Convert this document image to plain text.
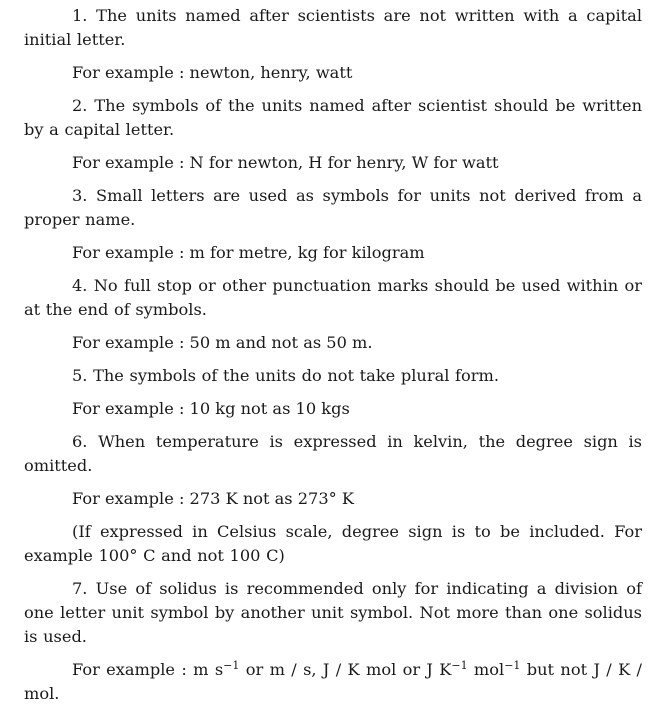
1. The units named after scientists are not written with a capital initial letter.

For example : newton, henry, watt

2. The symbols of the units named after scientist should be written by a capital letter.

For example : N for newton, H for henry, W for watt

3. Small letters are used as symbols for units not derived from a proper name.

For example : m for metre, kg for kilogram

4. No full stop or other punctuation marks should be used within or at the end of symbols.

For example : 50 m and not as 50 m.

5. The symbols of the units do not take plural form.

For example : 10 kg not as 10 kgs

6. When temperature is expressed in kelvin, the degree sign is omitted.

For example : 273 K not as 273° K

(If expressed in Celsius scale, degree sign is to be included. For example 100° C and not 100 C)

7. Use of solidus is recommended only for indicating a division of one letter unit symbol by another unit symbol. Not more than one solidus is used.

For example : m $s^{-1}$ or m / s, J / K mol or J $K^{-1}$ mol$^{-1}$ but not J / K / mol.
